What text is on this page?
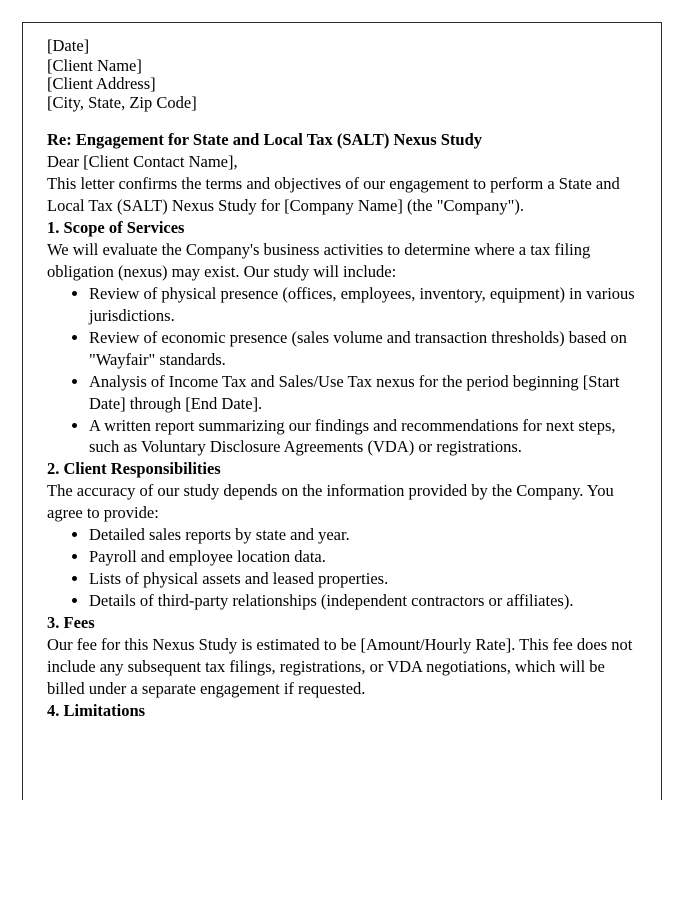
[Date]

[Client Name]

[Client Address]

[City, State, Zip Code]

Re: Engagement for State and Local Tax (SALT) Nexus Study

Dear [Client Contact Name],

This letter confirms the terms and objectives of our engagement to perform a State and Local Tax (SALT) Nexus Study for [Company Name] (the "Company").

1. Scope of Services

We will evaluate the Company's business activities to determine where a tax filing obligation (nexus) may exist. Our study will include:

• Review of physical presence (offices, employees, inventory, equipment) in various jurisdictions.
• Review of economic presence (sales volume and transaction thresholds) based on "Wayfair" standards.
• Analysis of Income Tax and Sales/Use Tax nexus for the period beginning [Start Date] through [End Date].
• A written report summarizing our findings and recommendations for next steps, such as Voluntary Disclosure Agreements (VDA) or registrations.
2. Client Responsibilities

The accuracy of our study depends on the information provided by the Company. You agree to provide:

• Detailed sales reports by state and year.
• Payroll and employee location data.
• Lists of physical assets and leased properties.
• Details of third-party relationships (independent contractors or affiliates).
3. Fees

Our fee for this Nexus Study is estimated to be [Amount/Hourly Rate]. This fee does not include any subsequent tax filings, registrations, or VDA negotiations, which will be billed under a separate engagement if requested.

4. Limitations
